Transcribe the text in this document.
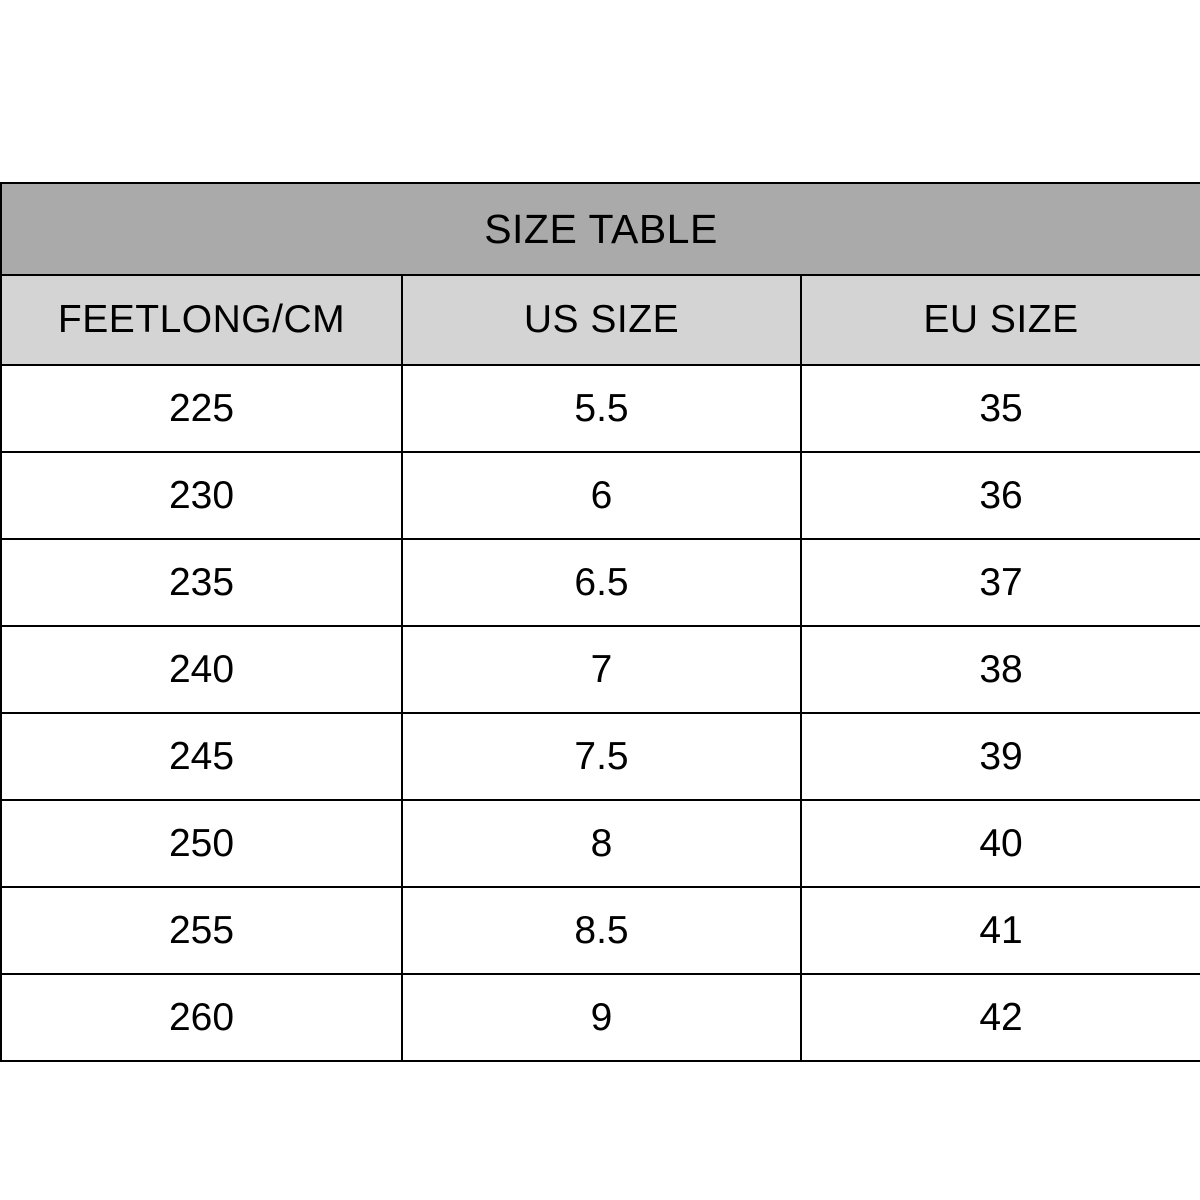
SIZE TABLE		
FEETLONG/CM	US SIZE	EU SIZE
225	5.5	35
230	6	36
235	6.5	37
240	7	38
245	7.5	39
250	8	40
255	8.5	41
260	9	42
